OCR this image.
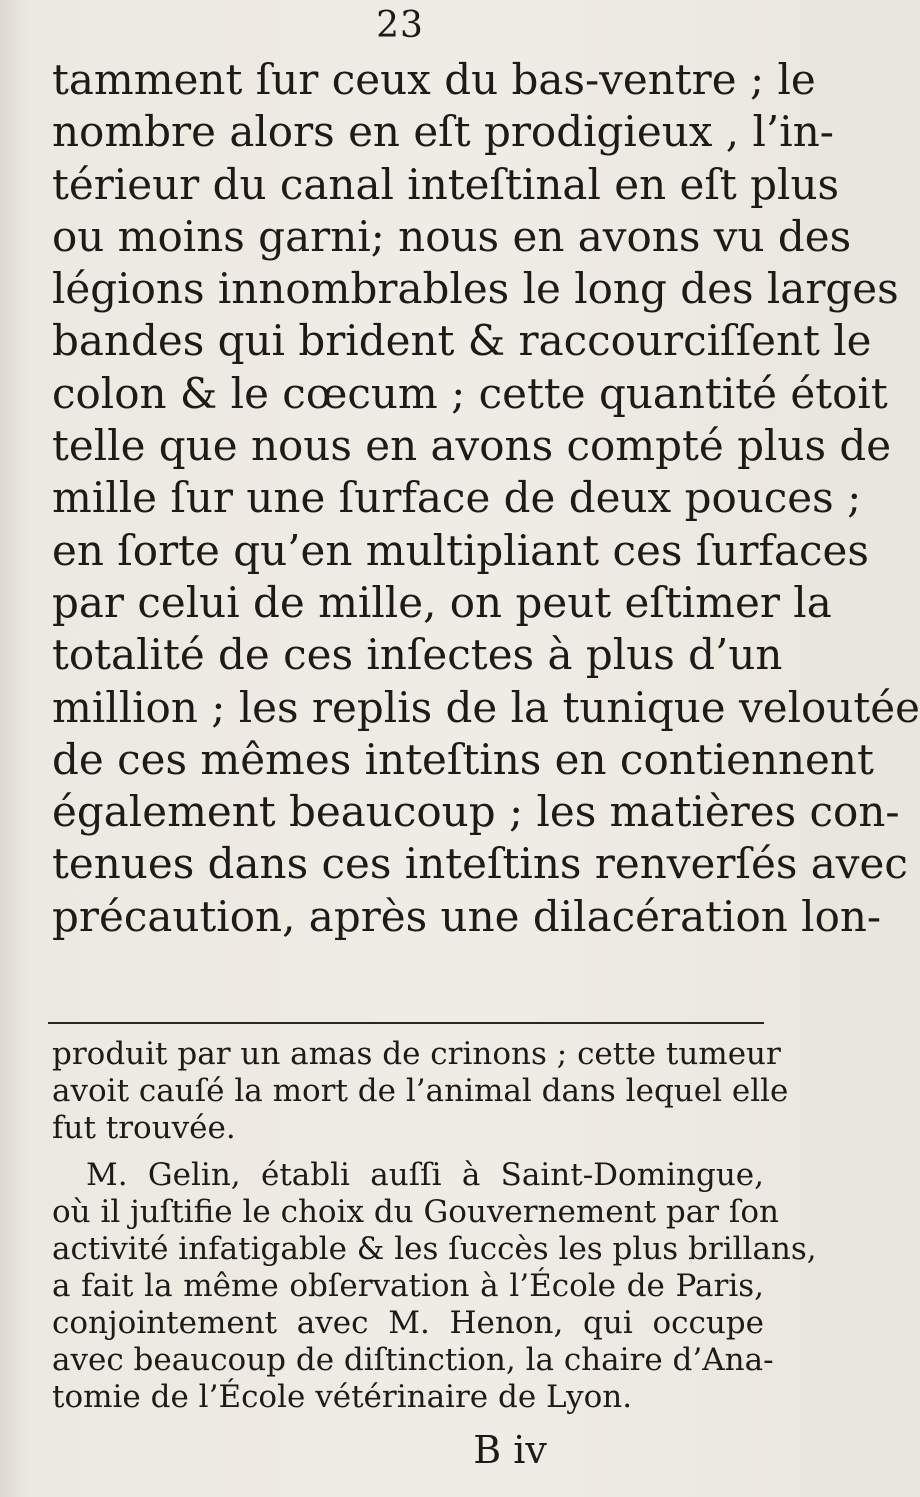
23
tamment ſur ceux du bas-ventre ; le
nombre alors en eſt prodigieux , l’in-
térieur du canal inteſtinal en eſt plus
ou moins garni; nous en avons vu des
légions innombrables le long des larges
bandes qui brident & raccourciſſent le
colon & le cœcum ; cette quantité étoit
telle que nous en avons compté plus de
mille ſur une ſurface de deux pouces ;
en ſorte qu’en multipliant ces ſurfaces
par celui de mille, on peut eſtimer la
totalité de ces inſectes à plus d’un
million ; les replis de la tunique veloutée
de ces mêmes inteſtins en contiennent
également beaucoup ; les matières con-
tenues dans ces inteſtins renverſés avec
précaution, après une dilacération lon-
produit par un amas de crinons ; cette tumeur
avoit cauſé la mort de l’animal dans lequel elle
fut trouvée.
M. Gelin, établi auſſi à Saint-Domingue,
où il juſtifie le choix du Gouvernement par ſon
activité infatigable & les ſuccès les plus brillans,
a fait la même obſervation à l’École de Paris,
conjointement avec M. Henon, qui occupe
avec beaucoup de diſtinction, la chaire d’Ana-
tomie de l’École vétérinaire de Lyon.
B iv
